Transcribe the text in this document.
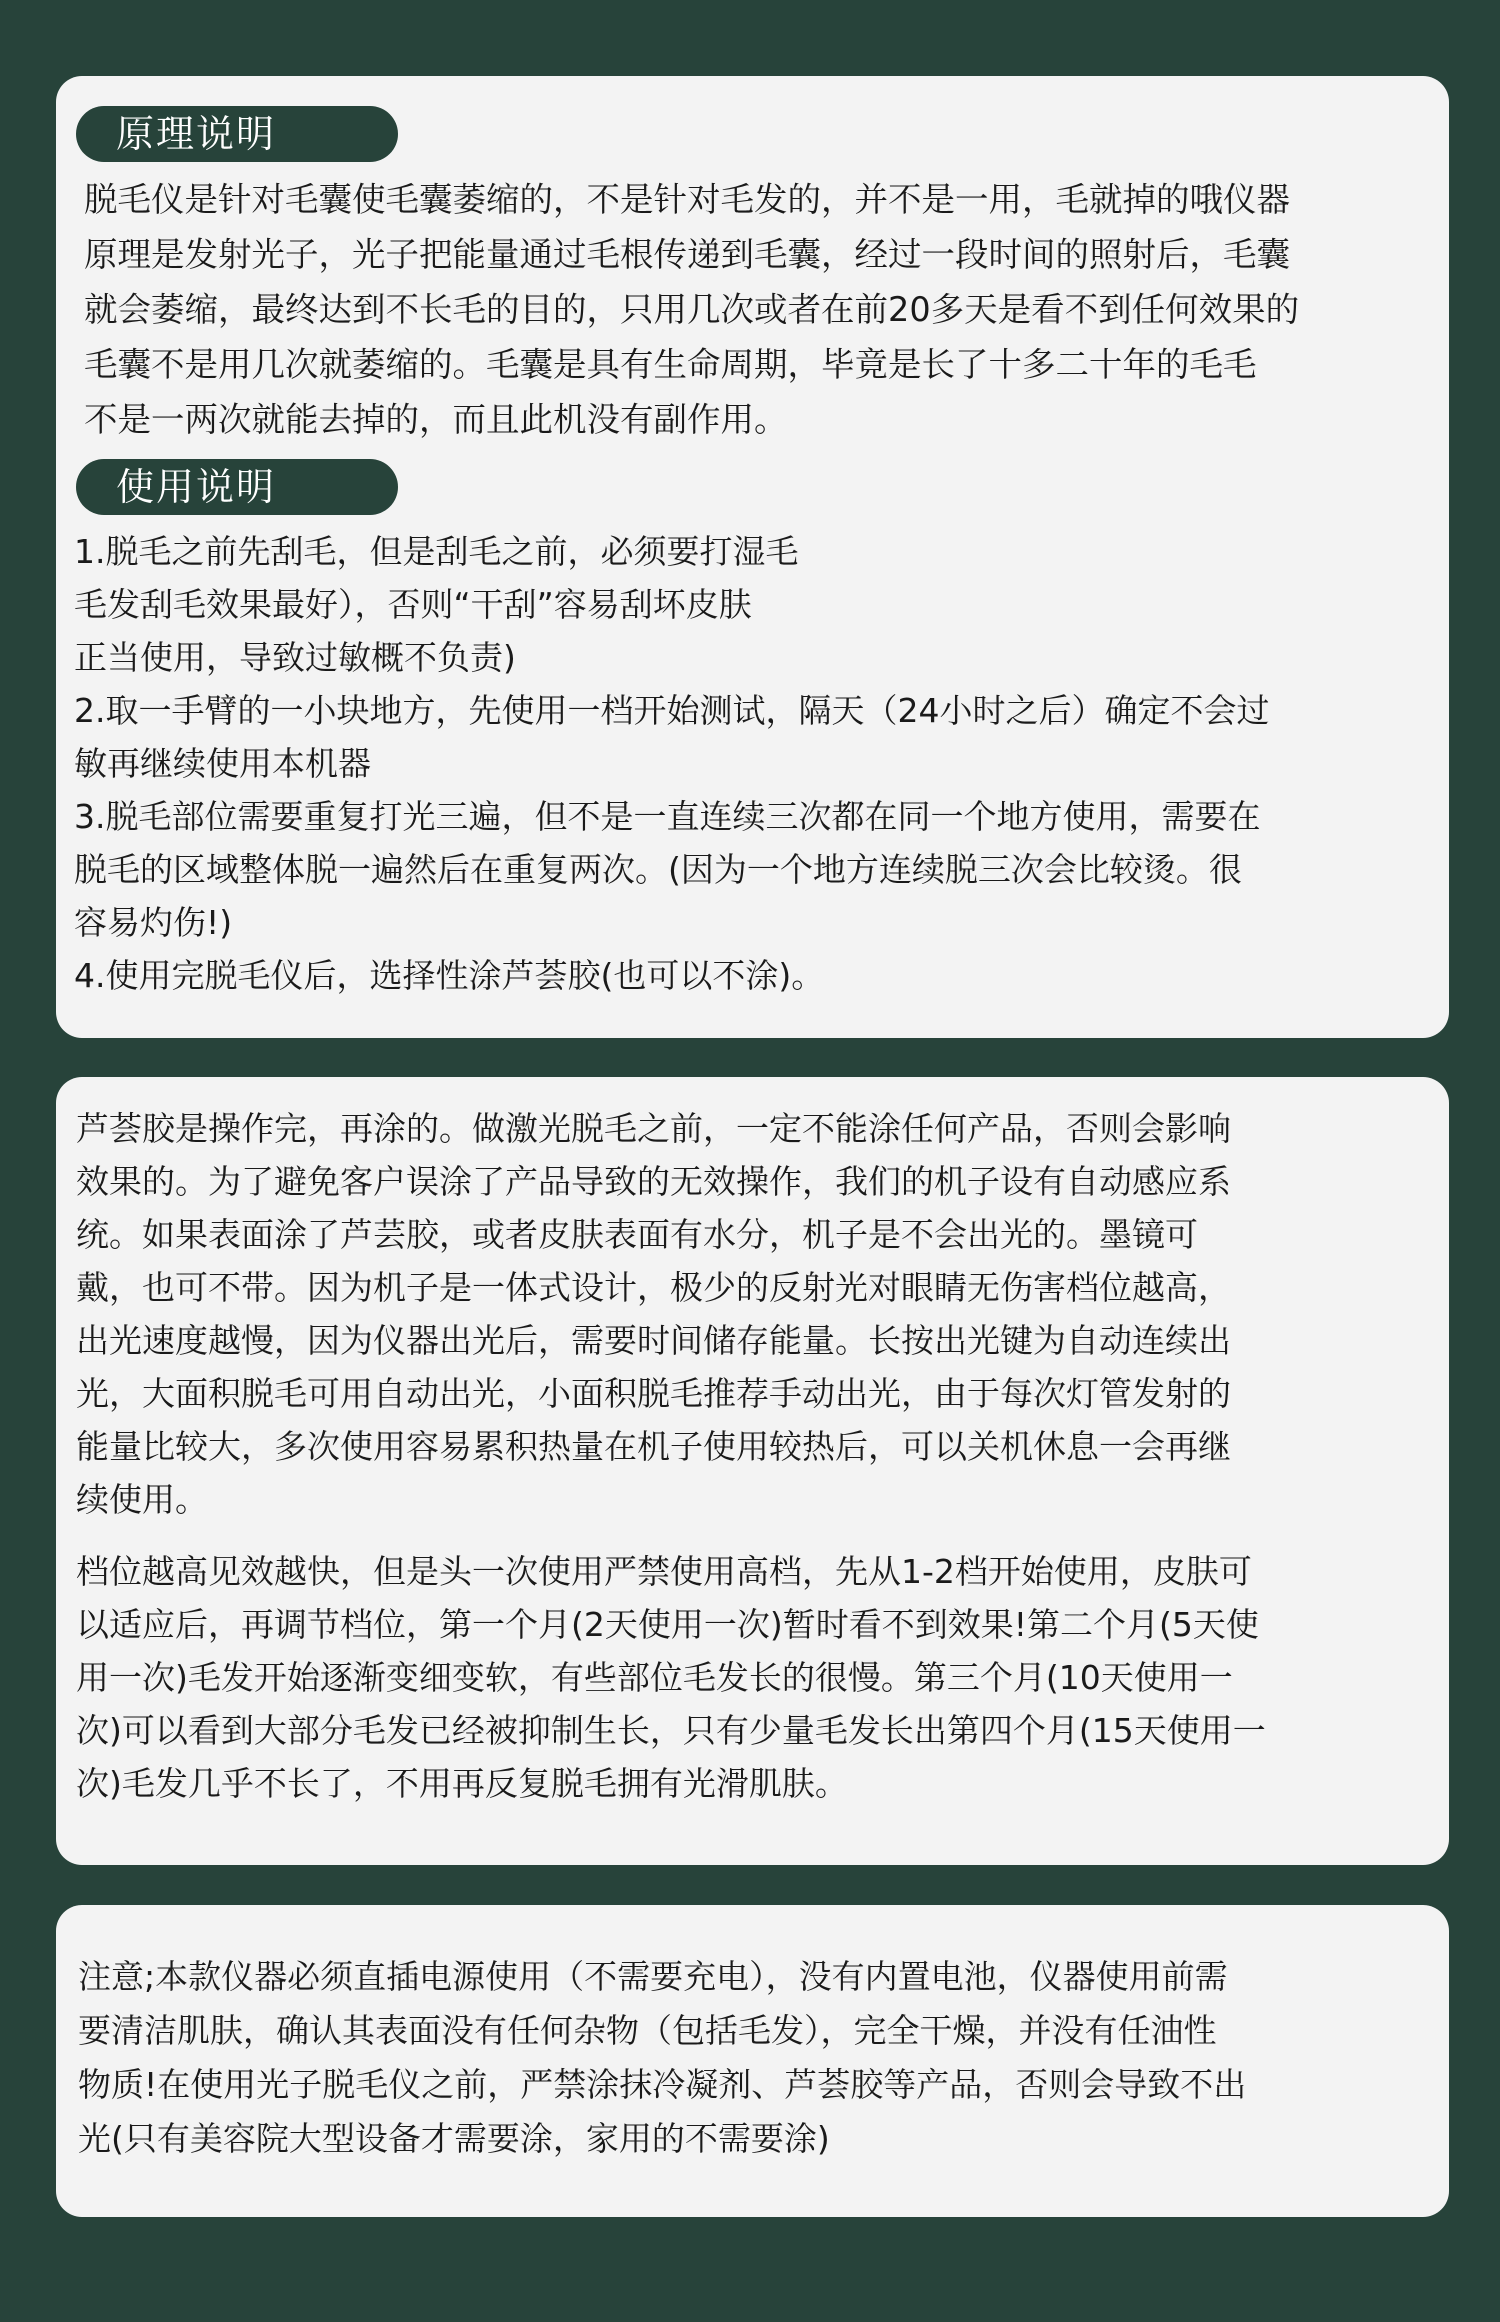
原理说明
脱毛仪是针对毛囊使毛囊萎缩的，不是针对毛发的，并不是一用，毛就掉的哦仪器
原理是发射光子，光子把能量通过毛根传递到毛囊，经过一段时间的照射后，毛囊
就会萎缩，最终达到不长毛的目的，只用几次或者在前20多天是看不到任何效果的
毛囊不是用几次就萎缩的。毛囊是具有生命周期，毕竟是长了十多二十年的毛毛
不是一两次就能去掉的，而且此机没有副作用。
使用说明
1.脱毛之前先刮毛，但是刮毛之前，必须要打湿毛
毛发刮毛效果最好），否则“干刮”容易刮坏皮肤
正当使用，导致过敏概不负责)
2.取一手臂的一小块地方，先使用一档开始测试，隔天（24小时之后）确定不会过
敏再继续使用本机器
3.脱毛部位需要重复打光三遍，但不是一直连续三次都在同一个地方使用，需要在
脱毛的区域整体脱一遍然后在重复两次。(因为一个地方连续脱三次会比较烫。很
容易灼伤!)
4.使用完脱毛仪后，选择性涂芦荟胶(也可以不涂)。
芦荟胶是操作完，再涂的。做激光脱毛之前，一定不能涂任何产品，否则会影响
效果的。为了避免客户误涂了产品导致的无效操作，我们的机子设有自动感应系
统。如果表面涂了芦芸胶，或者皮肤表面有水分，机子是不会出光的。墨镜可
戴，也可不带。因为机子是一体式设计，极少的反射光对眼睛无伤害档位越高，
出光速度越慢，因为仪器出光后，需要时间储存能量。长按出光键为自动连续出
光，大面积脱毛可用自动出光，小面积脱毛推荐手动出光，由于每次灯管发射的
能量比较大，多次使用容易累积热量在机子使用较热后，可以关机休息一会再继
续使用。
档位越高见效越快，但是头一次使用严禁使用高档，先从1-2档开始使用，皮肤可
以适应后，再调节档位，第一个月(2天使用一次)暂时看不到效果!第二个月(5天使
用一次)毛发开始逐渐变细变软，有些部位毛发长的很慢。第三个月(10天使用一
次)可以看到大部分毛发已经被抑制生长，只有少量毛发长出第四个月(15天使用一
次)毛发几乎不长了，不用再反复脱毛拥有光滑肌肤。
注意;本款仪器必须直插电源使用（不需要充电），没有内置电池，仪器使用前需
要清洁肌肤，确认其表面没有任何杂物（包括毛发），完全干燥，并没有任油性
物质!在使用光子脱毛仪之前，严禁涂抹冷凝剂、芦荟胶等产品，否则会导致不出
光(只有美容院大型设备才需要涂，家用的不需要涂)
